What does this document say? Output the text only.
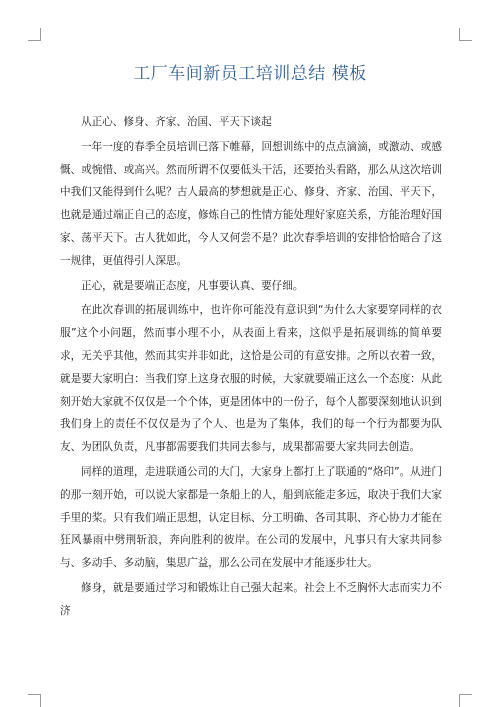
工厂车间新员工培训总结 模板

从正心、修身、齐家、治国、平天下谈起

一年一度的春季全员培训已落下帷幕，回想训练中的点点滴滴，或激动、或感慨、或惋惜、或高兴。然而所谓不仅要低头干活，还要抬头看路，那么从这次培训中我们又能得到什么呢？古人最高的梦想就是正心、修身、齐家、治国、平天下，也就是通过端正自己的态度，修炼自己的性情方能处理好家庭关系，方能治理好国家、荡平天下。古人犹如此，今人又何尝不是？此次春季培训的安排恰恰暗合了这一规律，更值得引人深思。

正心，就是要端正态度，凡事要认真、要仔细。

在此次春训的拓展训练中，也许你可能没有意识到“为什么大家要穿同样的衣服”这个小问题，然而事小理不小，从表面上看来，这似乎是拓展训练的简单要求，无关乎其他，然而其实并非如此，这恰是公司的有意安排。之所以衣着一致，就是要大家明白：当我们穿上这身衣服的时候，大家就要端正这么一个态度：从此刻开始大家就不仅仅是一个个体，更是团体中的一份子，每个人都要深刻地认识到我们身上的责任不仅仅是为了个人、也是为了集体，我们的每一个行为都要为队友、为团队负责，凡事都需要我们共同去参与，成果都需要大家共同去创造。

同样的道理，走进联通公司的大门，大家身上都打上了联通的“烙印”。从进门的那一刻开始，可以说大家都是一条船上的人，船到底能走多远，取决于我们大家手里的桨。只有我们端正思想，认定目标、分工明确、各司其职、齐心协力才能在狂风暴雨中劈荆斩浪，奔向胜利的彼岸。在公司的发展中，凡事只有大家共同参与、多动手、多动脑，集思广益，那么公司在发展中才能逐步壮大。

修身，就是要通过学习和锻炼让自己强大起来。社会上不乏胸怀大志而实力不济
